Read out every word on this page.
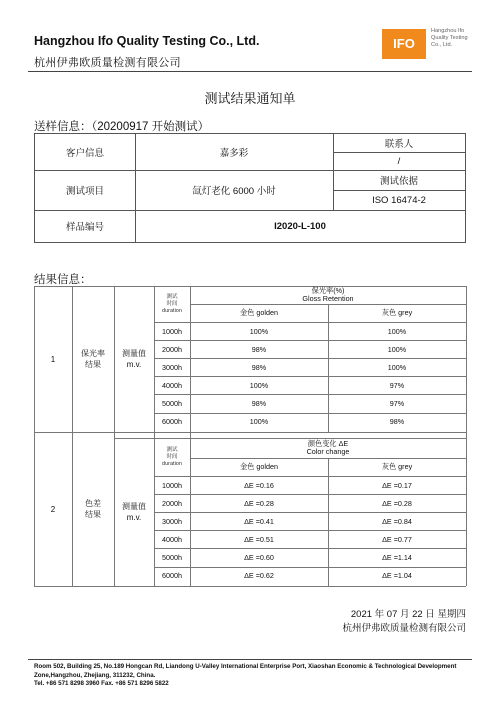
Hangzhou Ifo Quality Testing Co., Ltd.
杭州伊弗欧质量检测有限公司
IFO
Hangzhou Ifo
Quality Testing
Co., Ltd.
测试结果通知单
送样信息：（20200917 开始测试）
客户信息	嘉多彩
联系人
/
测试项目	氙灯老化 6000 小时
测试依据
ISO 16474-2
样品编号	I2020-L-100
结果信息：
1
保光率
结果
测量值
m.v.
测试
时间
duration
保光率(%)
Gloss Retention
金色 golden	灰色 grey
1000h	100%	100%
2000h	98%	100%
3000h	98%	100%
4000h	100%	97%
5000h	98%	97%
6000h	100%	98%
2
色差
结果
测量值
m.v.
测试
时间
duration
颜色变化 ΔE
Color change
金色 golden	灰色 grey
1000h	ΔE =0.16	ΔE =0.17
2000h	ΔE =0.28	ΔE =0.28
3000h	ΔE =0.41	ΔE =0.84
4000h	ΔE =0.51	ΔE =0.77
5000h	ΔE =0.60	ΔE =1.14
6000h	ΔE =0.62	ΔE =1.04
2021 年 07 月 22 日 星期四
杭州伊弗欧质量检测有限公司
Room 502, Building 25, No.189 Hongcan Rd, Liandong U-Valley International Enterprise Port, Xiaoshan Economic & Technological Development Zone,Hangzhou, Zhejiang, 311232, China.
Tel. +86 571 8298 3960 Fax. +86 571 8296 5822
